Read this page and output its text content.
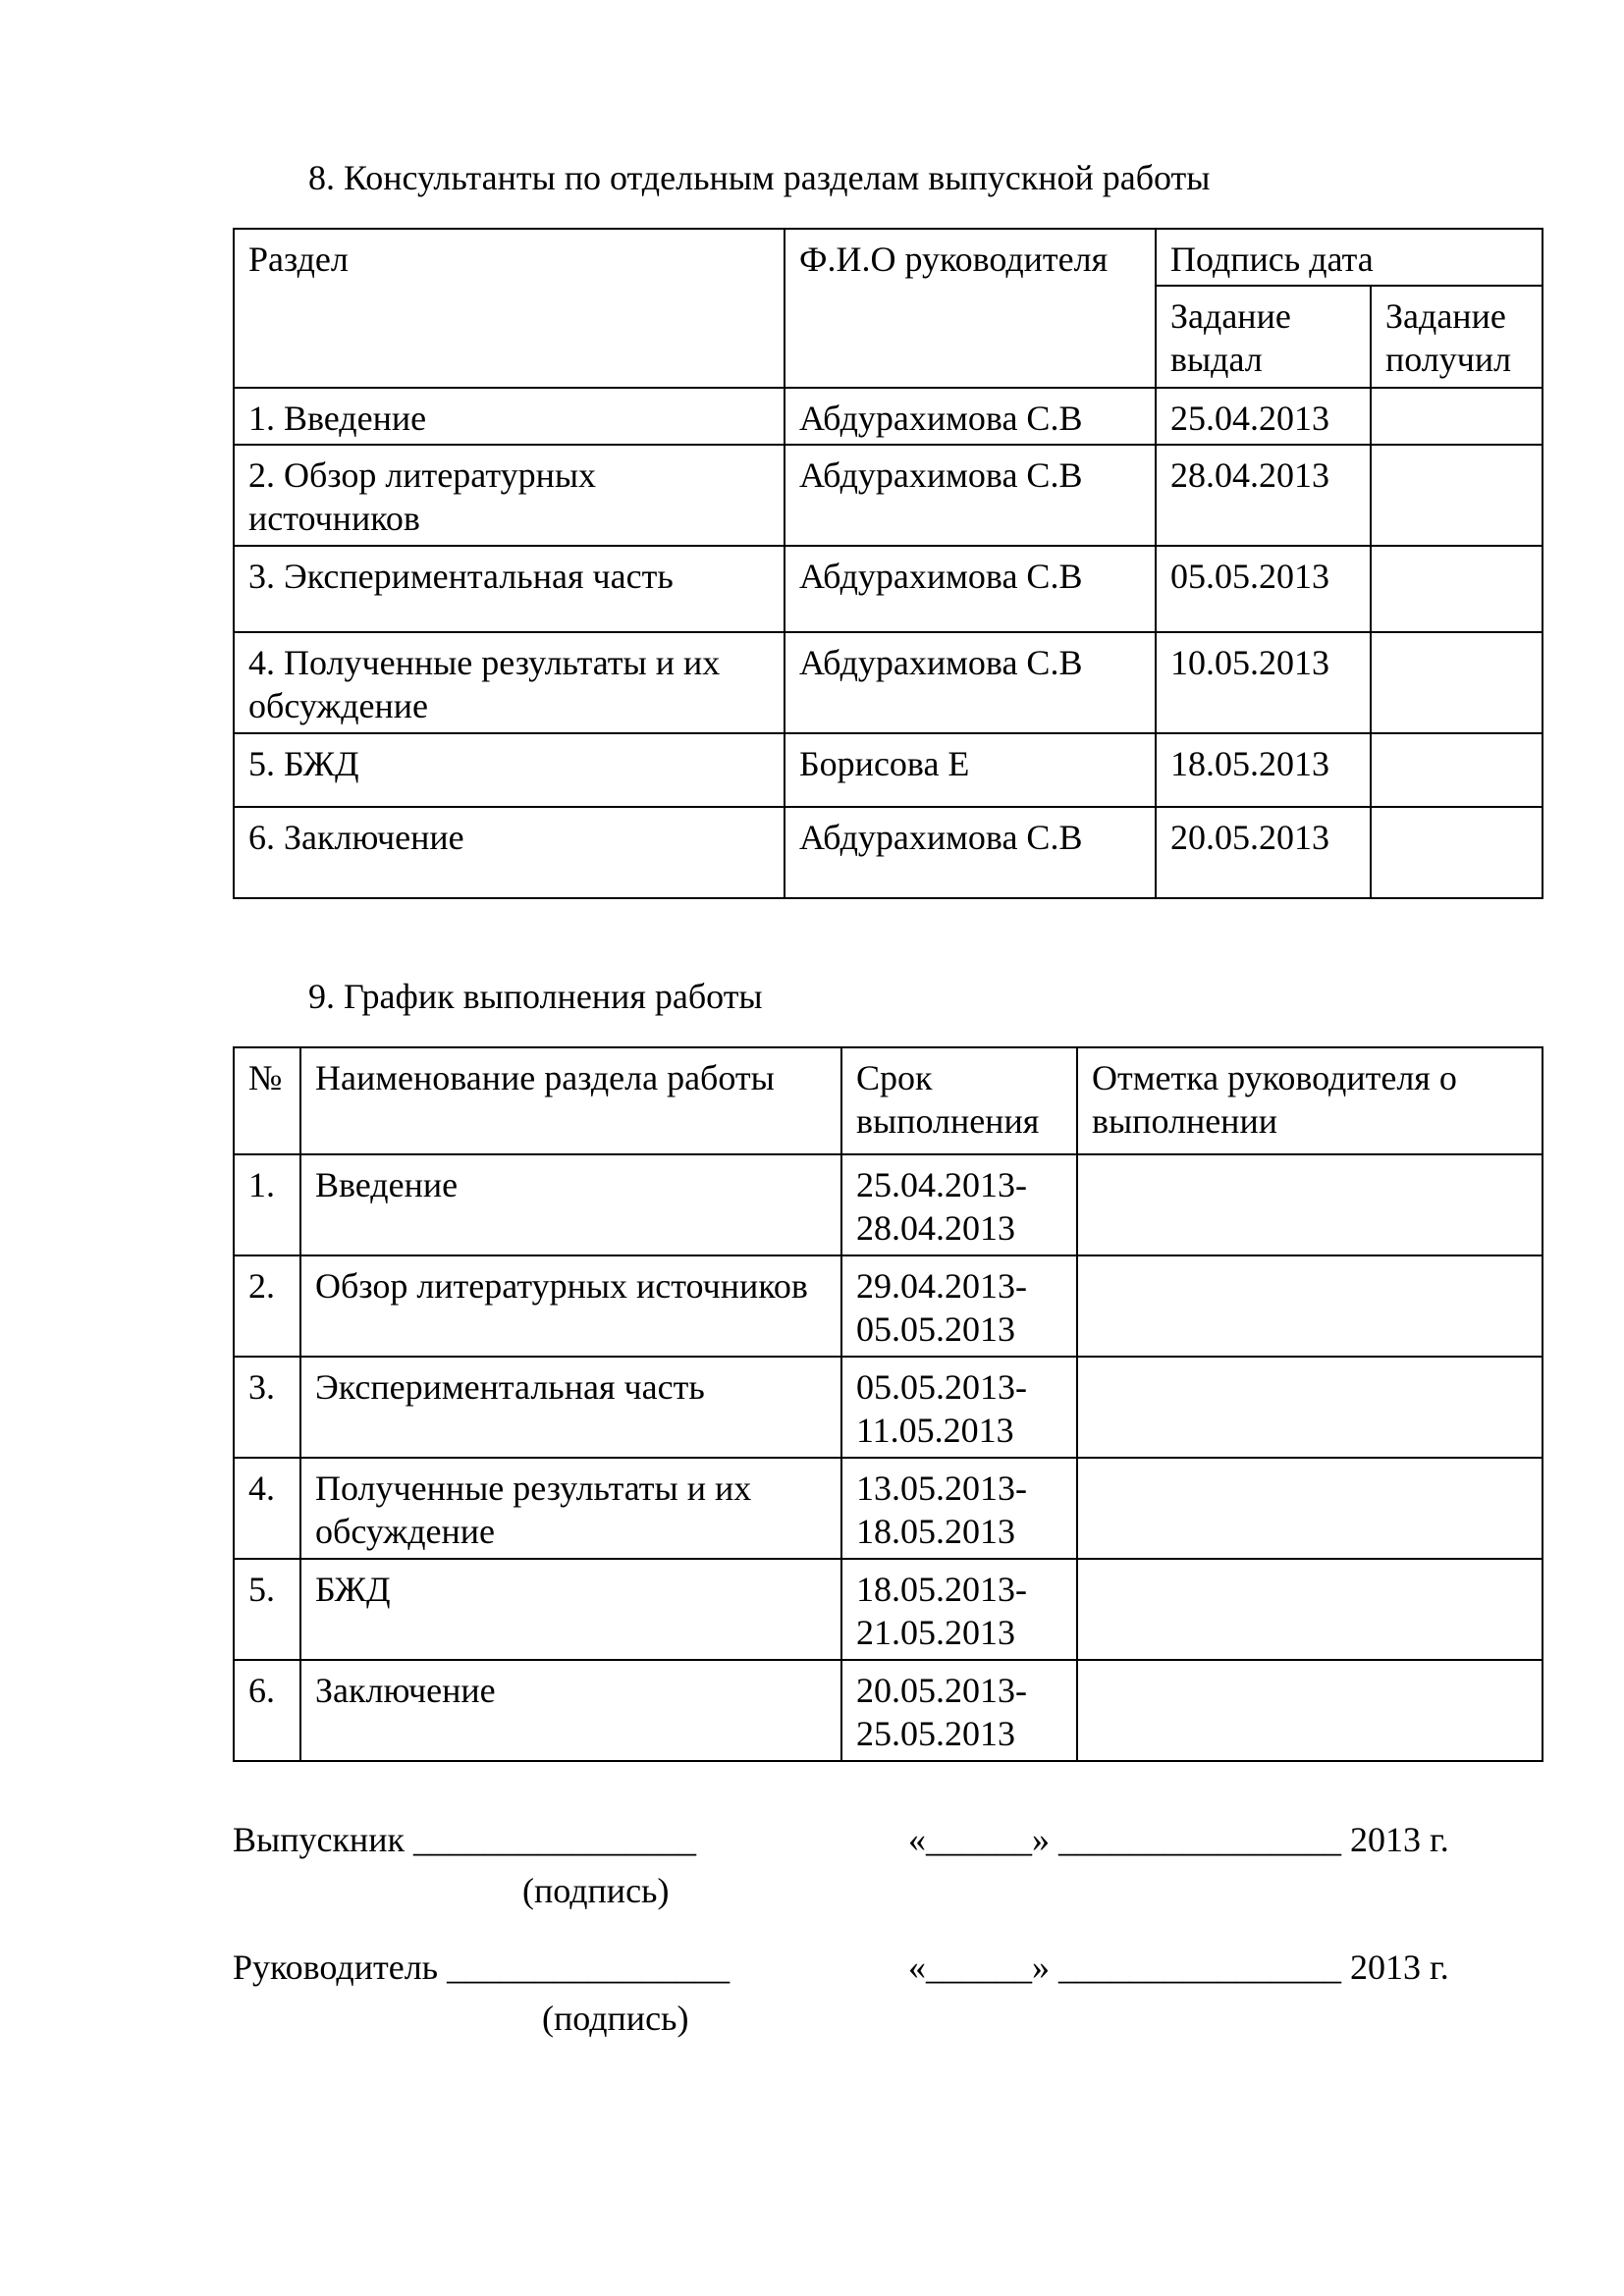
8. Консультанты по отдельным разделам выпускной работы
Раздел	Ф.И.О руководителя	Подпись дата	
		Задание выдал	Задание получил
1. Введение	Абдурахимова С.В	25.04.2013	
2. Обзор литературных источников	Абдурахимова С.В	28.04.2013	
3. Экспериментальная часть	Абдурахимова С.В	05.05.2013	
4. Полученные результаты и их обсуждение	Абдурахимова С.В	10.05.2013	
5. БЖД	Борисова Е	18.05.2013	
6. Заключение	Абдурахимова С.В	20.05.2013	
9. График выполнения работы
№	Наименование раздела работы	Срок выполнения	Отметка руководителя о выполнении
1.	Введение	25.04.2013-28.04.2013	
2.	Обзор литературных источников	29.04.2013-05.05.2013	
3.	Экспериментальная часть	05.05.2013-11.05.2013	
4.	Полученные результаты и их обсуждение	13.05.2013-18.05.2013	
5.	БЖД	18.05.2013-21.05.2013	
6.	Заключение	20.05.2013-25.05.2013	
Выпускник ________________	«______» ________________ 2013 г.
(подпись)
Руководитель ________________	«______» ________________ 2013 г.
(подпись)
